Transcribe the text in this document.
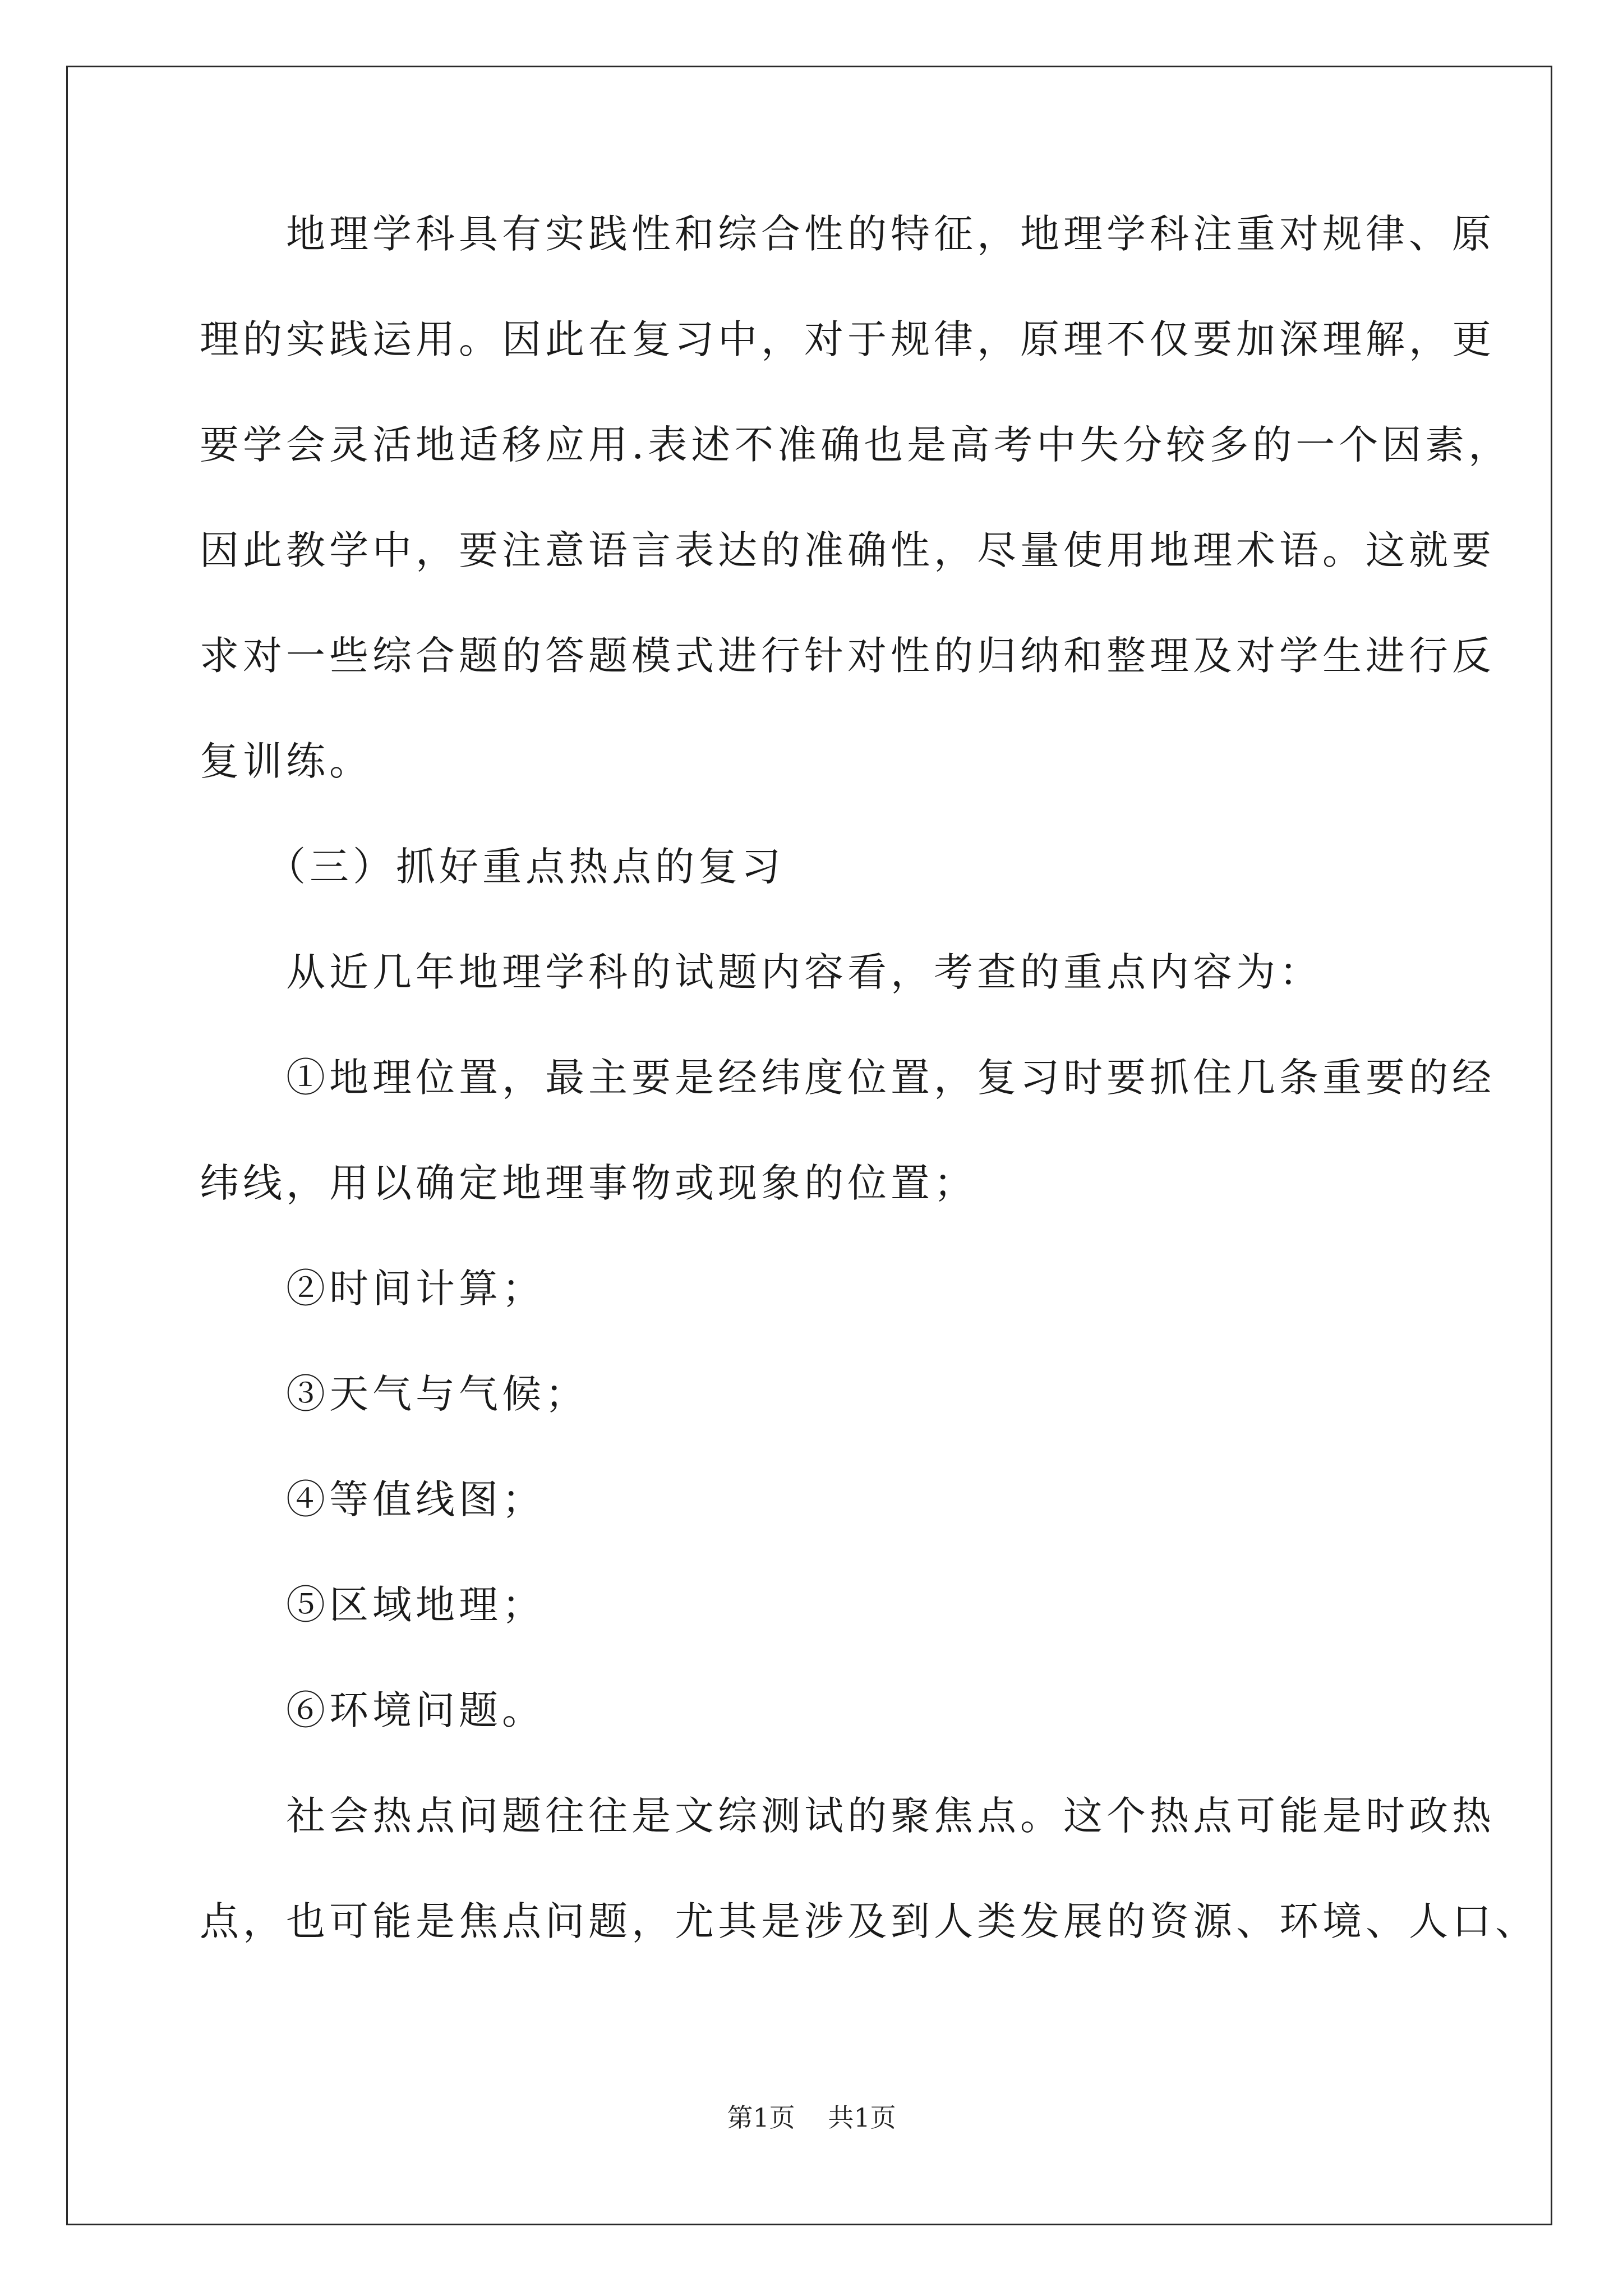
　　地理学科具有实践性和综合性的特征，地理学科注重对规律、原
理的实践运用。因此在复习中，对于规律，原理不仅要加深理解，更
要学会灵活地适移应用.表述不准确也是高考中失分较多的一个因素，
因此教学中，要注意语言表达的准确性，尽量使用地理术语。这就要
求对一些综合题的答题模式进行针对性的归纳和整理及对学生进行反
复训练。
　　（三）抓好重点热点的复习
　　从近几年地理学科的试题内容看，考查的重点内容为：
　　①地理位置，最主要是经纬度位置，复习时要抓住几条重要的经
纬线，用以确定地理事物或现象的位置；
　　②时间计算；
　　③天气与气候；
　　④等值线图；
　　⑤区域地理；
　　⑥环境问题。
　　社会热点问题往往是文综测试的聚焦点。这个热点可能是时政热
点，也可能是焦点问题，尤其是涉及到人类发展的资源、环境、人口、
第1页 共1页
